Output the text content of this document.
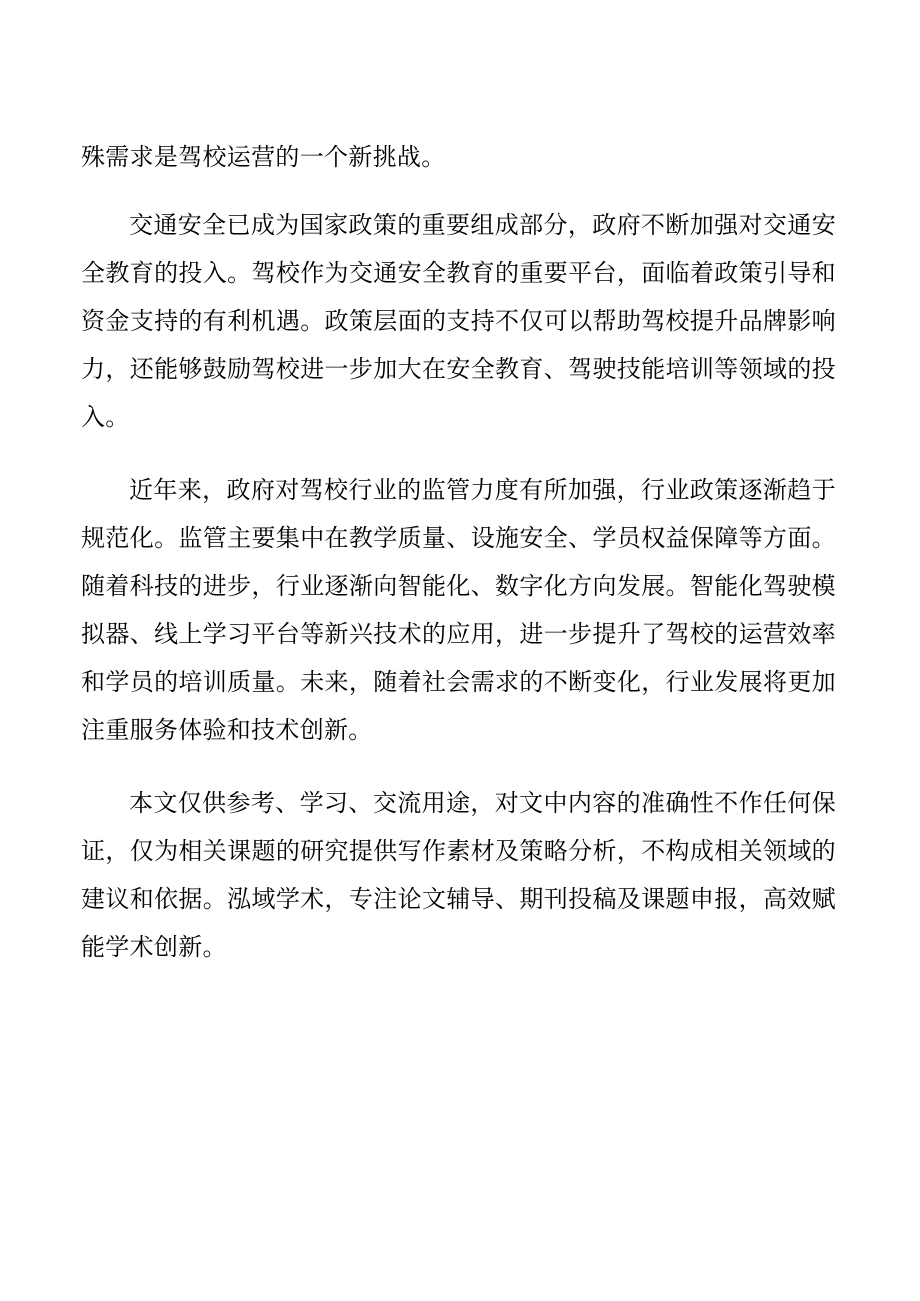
殊需求是驾校运营的一个新挑战。

交通安全已成为国家政策的重要组成部分，政府不断加强对交通安全教育的投入。驾校作为交通安全教育的重要平台，面临着政策引导和资金支持的有利机遇。政策层面的支持不仅可以帮助驾校提升品牌影响力，还能够鼓励驾校进一步加大在安全教育、驾驶技能培训等领域的投入。

近年来，政府对驾校行业的监管力度有所加强，行业政策逐渐趋于规范化。监管主要集中在教学质量、设施安全、学员权益保障等方面。随着科技的进步，行业逐渐向智能化、数字化方向发展。智能化驾驶模拟器、线上学习平台等新兴技术的应用，进一步提升了驾校的运营效率和学员的培训质量。未来，随着社会需求的不断变化，行业发展将更加注重服务体验和技术创新。

本文仅供参考、学习、交流用途，对文中内容的准确性不作任何保证，仅为相关课题的研究提供写作素材及策略分析，不构成相关领域的建议和依据。泓域学术，专注论文辅导、期刊投稿及课题申报，高效赋能学术创新。
